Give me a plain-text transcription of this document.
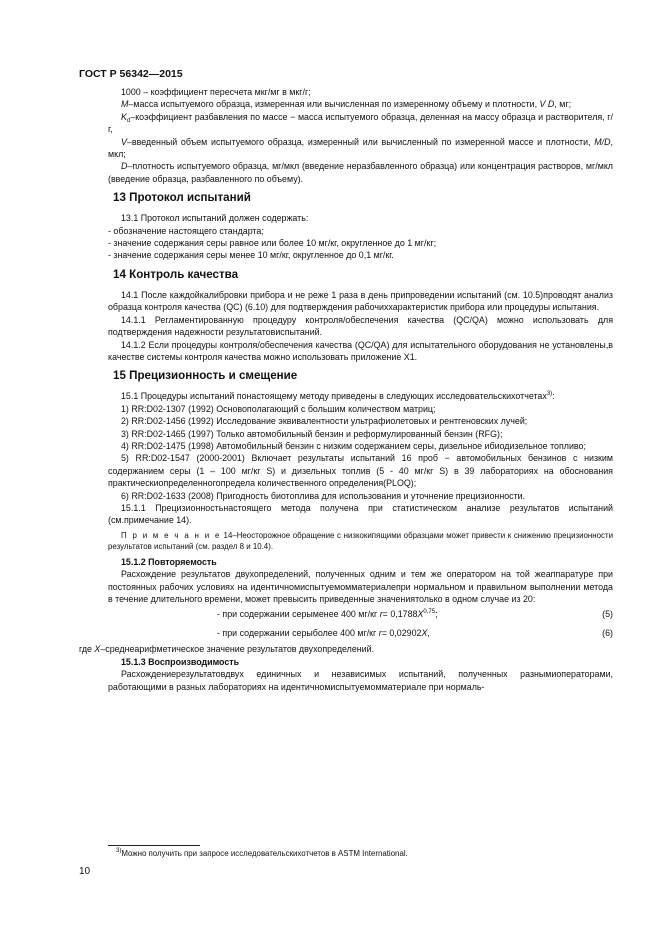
ГОСТ Р 56342—2015

1000 – коэффициент пересчета мкг/мг в мкг/г;

M–масса испытуемого образца, измеренная или вычисленная по измеренному объему и плотности, V D, мг;

$K_d$–коэффициент разбавления по массе − масса испытуемого образца, деленная на массу образца и растворителя, г/г,

V–введенный объем испытуемого образца, измеренный или вычисленный по измеренной массе и плотности, M/D, мкл;

D–плотность испытуемого образца, мг/мкл (введение неразбавленного образца) или концентрация растворов, мг/мкл (введение образца, разбавленного по объему).

13 Протокол испытаний

13.1 Протокол испытаний должен содержать:

- обозначение настоящего стандарта;

- значение содержания серы равное или более 10 мг/кг, округленное до 1 мг/кг;

- значение содержания серы менее 10 мг/кг, округленное до 0,1 мг/кг.

14 Контроль качества

14.1 После каждойкалибровки прибора и не реже 1 раза в день припроведении испытаний (см. 10.5)проводят анализ образца контроля качества (QC) (6.10) для подтверждения рабочиххарактеристик прибора или процедуры испытания.

14.1.1 Регламентированную процедуру контроля/обеспечения качества (QC/QA) можно использовать для подтверждения надежности результатовиспытаний.

14.1.2 Если процедуры контроля/обеспечения качества (QC/QA) для испытательного оборудования не установлены,в качестве системы контроля качества можно использовать приложение Х1.

15 Прецизионность и смещение

15.1 Процедуры испытаний понастоящему методу приведены в следующих исследовательскихотчетах$^{3)}$:

1) RR:D02-1307 (1992) Основополагающий с большим количеством матриц;

2) RR:D02-1456 (1992) Исследование эквивалентности ультрафиолетовых и рентгеновских лучей;

3) RR:D02-1465 (1997) Только автомобильный бензин и реформулированный бензин (RFG);

4) RR:D02-1475 (1998) Автомобильный бензин с низким содержанием серы, дизельное ибиодизельное топливо;

5) RR:D02-1547 (2000-2001) Включает результаты испытаний 16 проб − автомобильных бензинов с низким содержанием серы (1 – 100 мг/кг S) и дизельных топлив (5 - 40 мг/кг S) в 39 лабораториях на обоснования практическиопределенногопредела количественного определения(PLOQ);

6) RR:D02-1633 (2008) Пригодность биотоплива для использования и уточнение прецизионности.

15.1.1 Прецизионностьнастоящего метода получена при статистическом анализе результатов испытаний (см.примечание 14).

П р и м е ч а н и е 14–Неосторожное обращение с низкокипящими образцами может привести к снижению прецизионности результатов испытаний (см. раздел 8 и 10.4).

15.1.2 Повторяемость

Расхождение результатов двухопределений, полученных одним и тем же оператором на той жеаппаратуре при постоянных рабочих условиях на идентичномиспытуемомматериалепри нормальном и правильном выполнении метода в течение длительного времени, может превысить приведенные значениятолько в одном случае из 20:

- при содержании серыменее 400 мг/кг $r= 0,1788X^{0,75}$;	(5)
- при содержании серыболее 400 мг/кг r= 0,02902X,	(6)

где X–среднеарифметическое значение результатов двухопределений.

15.1.3 Воспроизводимость

Расхождениерезультатовдвух единичных и независимых испытаний, полученных разнымиоператорами, работающими в разных лабораториях на идентичномиспытуемомматериале при нормаль-

$^{3)}$Можно получить при запросе исследовательскихотчетов в ASTM International.
10
